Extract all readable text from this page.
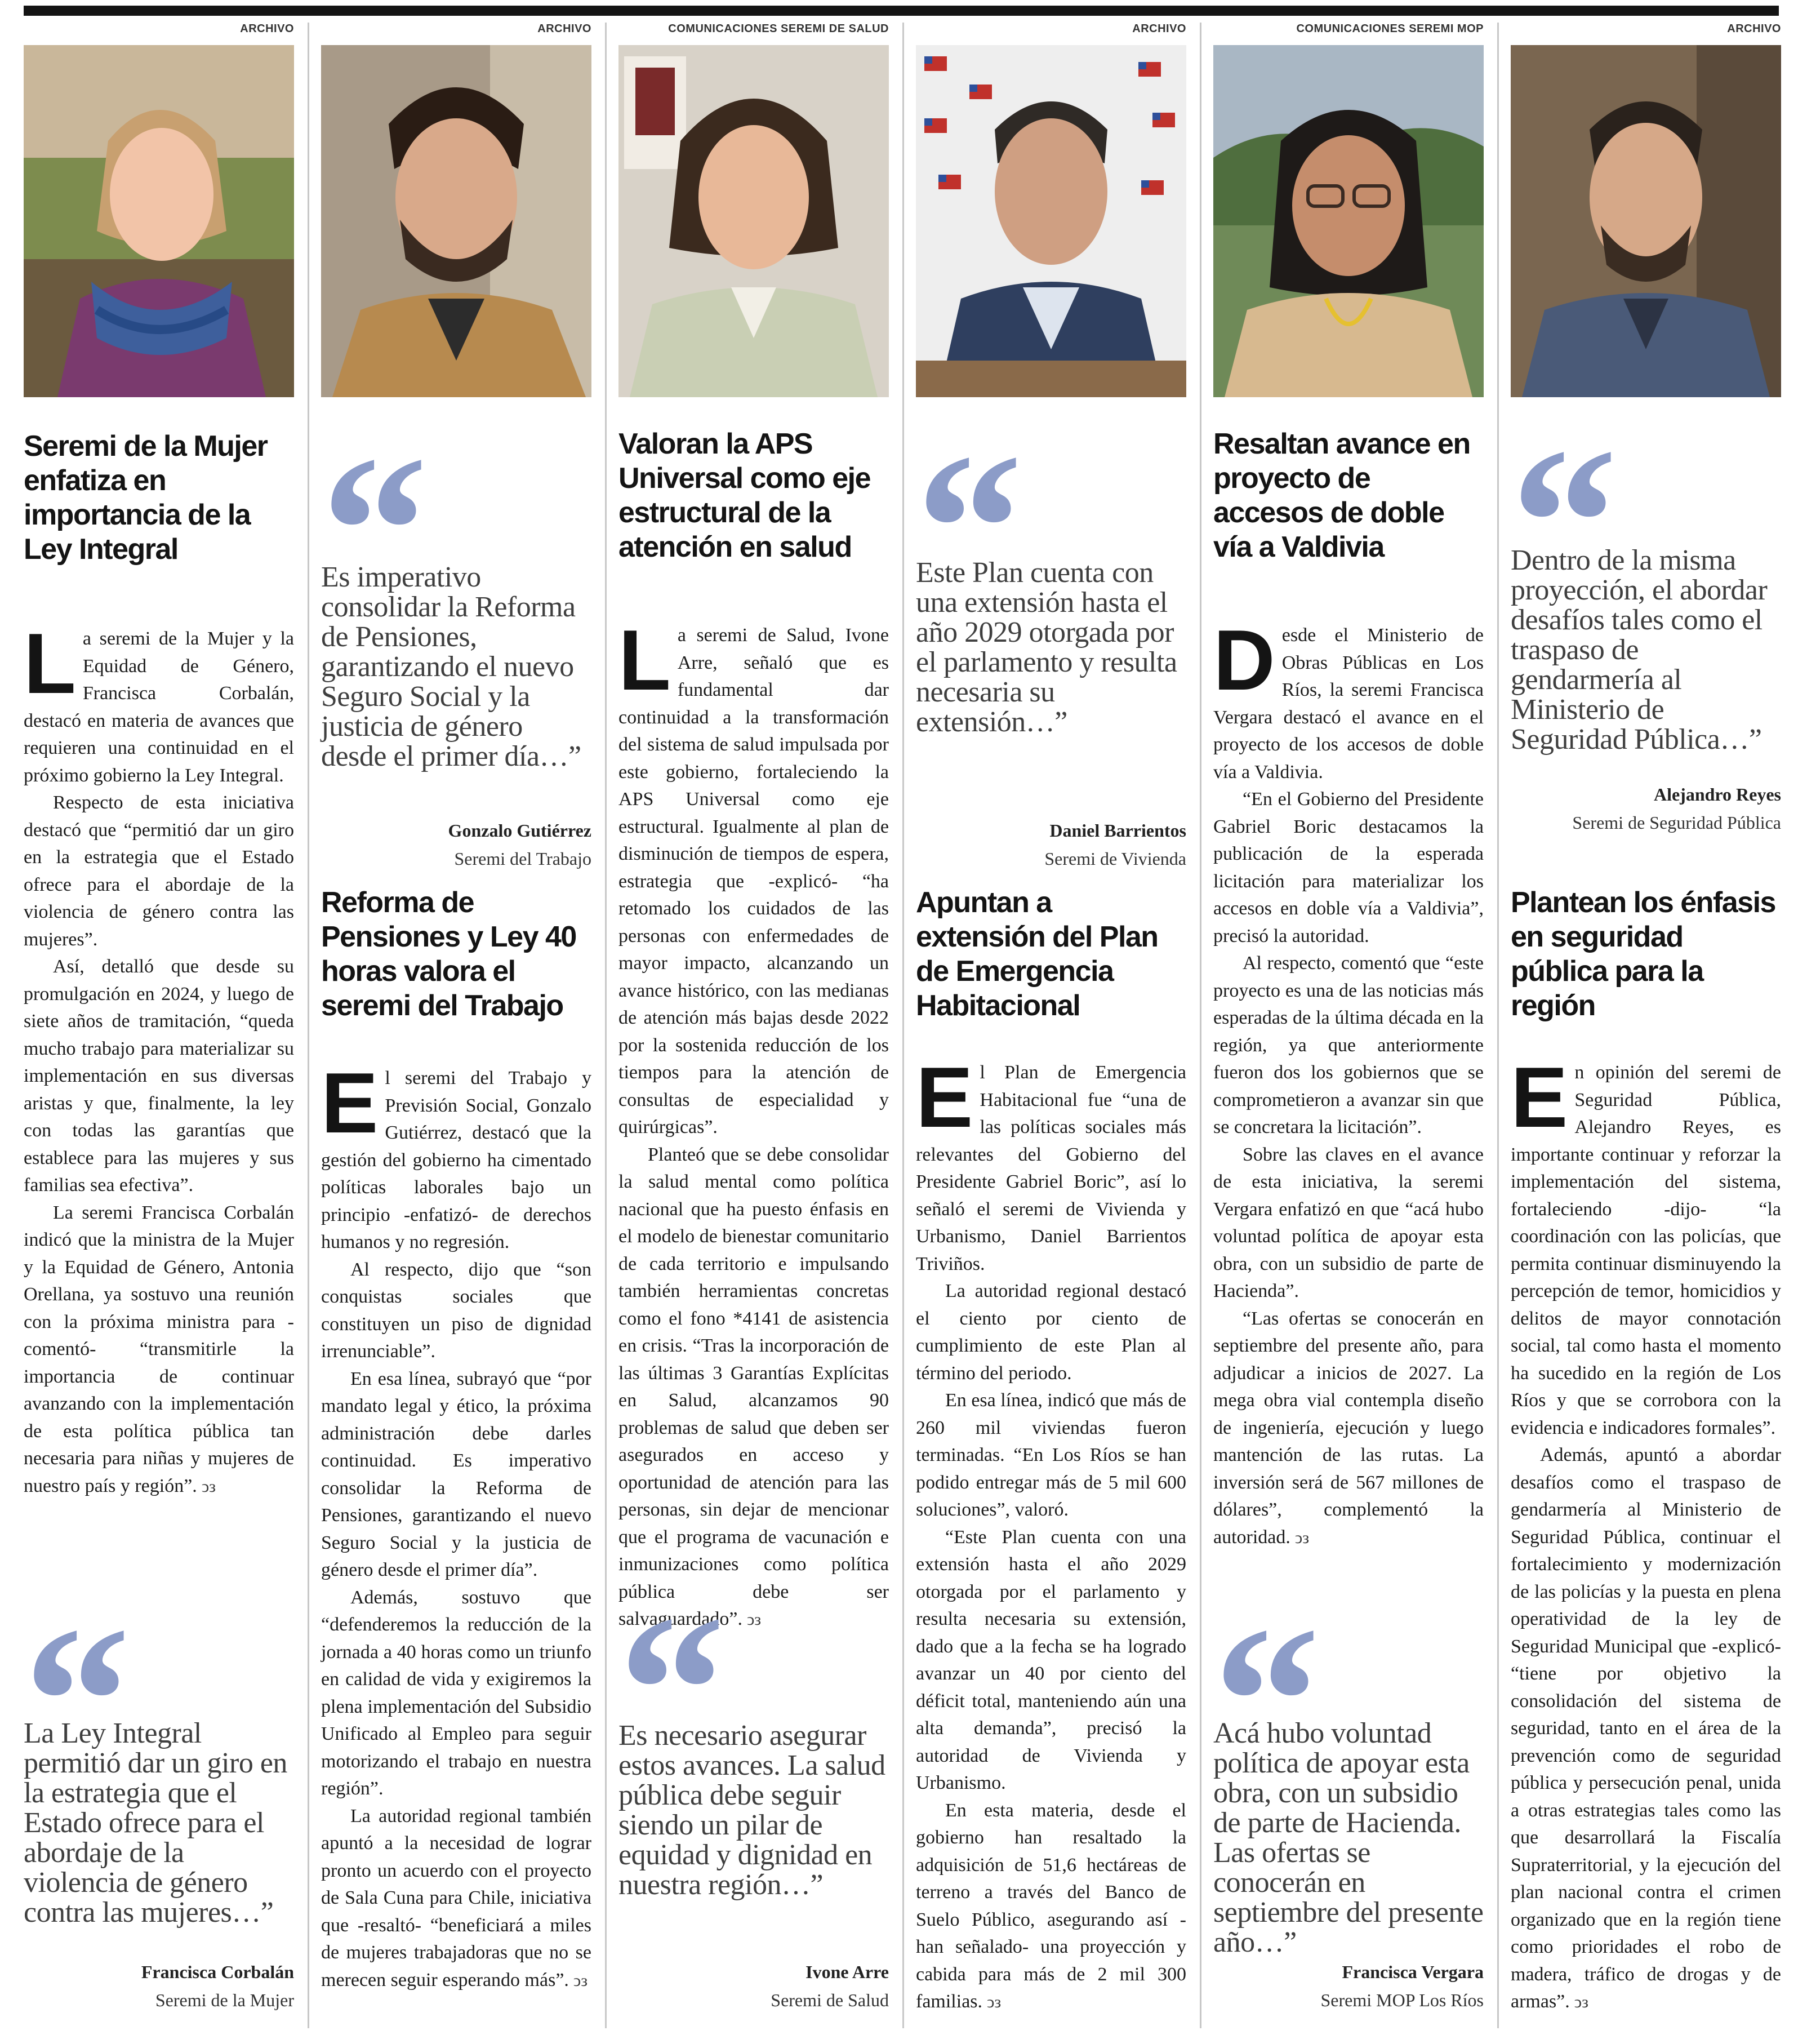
ARCHIVO
Seremi de la Mujer enfatiza en importancia de la Ley Integral

La seremi de la Mujer y la Equidad de Género, Francisca Corbalán, destacó en materia de avances que requieren una continuidad en el próximo gobierno la Ley Integral.

Respecto de esta iniciativa destacó que “permitió dar un giro en la estrategia que el Estado ofrece para el abordaje de la violencia de género contra las mujeres”.

Así, detalló que desde su promulgación en 2024, y luego de siete años de tramitación, “queda mucho trabajo para materializar su implementación en sus diversas aristas y que, finalmente, la ley con todas las garantías que establece para las mujeres y sus familias sea efectiva”.

La seremi Francisca Corbalán indicó que la ministra de la Mujer y la Equidad de Género, Antonia Orellana, ya sostuvo una reunión con la próxima ministra para -comentó- “transmitirle la importancia de continuar avanzando con la implementación de esta política pública tan necesaria para niñas y mujeres de nuestro país y región”. ↄз

La Ley Integral permitió dar un giro en la estrategia que el Estado ofrece para el abordaje de la violencia de género contra las mujeres…”
Francisca Corbalán
Seremi de la Mujer
ARCHIVO
Es imperativo consolidar la Reforma de Pensiones, garantizando el nuevo Seguro Social y la justicia de género desde el primer día…”
Gonzalo Gutiérrez
Seremi del Trabajo
Reforma de Pensiones y Ley 40 horas valora el seremi del Trabajo

El seremi del Trabajo y Previsión Social, Gonzalo Gutiérrez, destacó que la gestión del gobierno ha cimentado políticas laborales bajo un principio -enfatizó- de derechos humanos y no regresión.

Al respecto, dijo que “son conquistas sociales que constituyen un piso de dignidad irrenunciable”.

En esa línea, subrayó que “por mandato legal y ético, la próxima administración debe darles continuidad. Es imperativo consolidar la Reforma de Pensiones, garantizando el nuevo Seguro Social y la justicia de género desde el primer día”.

Además, sostuvo que “defenderemos la reducción de la jornada a 40 horas como un triunfo en calidad de vida y exigiremos la plena implementación del Subsidio Unificado al Empleo para seguir motorizando el trabajo en nuestra región”.

La autoridad regional también apuntó a la necesidad de lograr pronto un acuerdo con el proyecto de Sala Cuna para Chile, iniciativa que -resaltó- “beneficiará a miles de mujeres trabajadoras que no se merecen seguir esperando más”. ↄз

COMUNICACIONES SEREMI DE SALUD
Valoran la APS Universal como eje estructural de la atención en salud

La seremi de Salud, Ivone Arre, señaló que es fundamental dar continuidad a la transformación del sistema de salud impulsada por este gobierno, fortaleciendo la APS Universal como eje estructural. Igualmente al plan de disminución de tiempos de espera, estrategia que -explicó- “ha retomado los cuidados de las personas con enfermedades de mayor impacto, alcanzando un avance histórico, con las medianas de atención más bajas desde 2022 por la sostenida reducción de los tiempos para la atención de consultas de especialidad y quirúrgicas”.

Planteó que se debe consolidar la salud mental como política nacional que ha puesto énfasis en el modelo de bienestar comunitario de cada territorio e impulsando también herramientas concretas como el fono *4141 de asistencia en crisis. “Tras la incorporación de las últimas 3 Garantías Explícitas en Salud, alcanzamos 90 problemas de salud que deben ser asegurados en acceso y oportunidad de atención para las personas, sin dejar de mencionar que el programa de vacunación e inmunizaciones como política pública debe ser salvaguardado”. ↄз

Es necesario asegurar estos avances. La salud pública debe seguir siendo un pilar de equidad y dignidad en nuestra región…”
Ivone Arre
Seremi de Salud
ARCHIVO
Este Plan cuenta con una extensión hasta el año 2029 otorgada por el parlamento y resulta necesaria su extensión…”
Daniel Barrientos
Seremi de Vivienda
Apuntan a extensión del Plan de Emergencia Habitacional

El Plan de Emergencia Habitacional fue “una de las políticas sociales más relevantes del Gobierno del Presidente Gabriel Boric”, así lo señaló el seremi de Vivienda y Urbanismo, Daniel Barrientos Triviños.

La autoridad regional destacó el ciento por ciento de cumplimiento de este Plan al término del periodo.

En esa línea, indicó que más de 260 mil viviendas fueron terminadas. “En Los Ríos se han podido entregar más de 5 mil 600 soluciones”, valoró.

“Este Plan cuenta con una extensión hasta el año 2029 otorgada por el parlamento y resulta necesaria su extensión, dado que a la fecha se ha logrado avanzar un 40 por ciento del déficit total, manteniendo aún una alta demanda”, precisó la autoridad de Vivienda y Urbanismo.

En esta materia, desde el gobierno han resaltado la adquisición de 51,6 hectáreas de terreno a través del Banco de Suelo Público, asegurando así - han señalado- una proyección y cabida para más de 2 mil 300 familias. ↄз

COMUNICACIONES SEREMI MOP
Resaltan avance en proyecto de accesos de doble vía a Valdivia

Desde el Ministerio de Obras Públicas en Los Ríos, la seremi Francisca Vergara destacó el avance en el proyecto de los accesos de doble vía a Valdivia.

“En el Gobierno del Presidente Gabriel Boric destacamos la publicación de la esperada licitación para materializar los accesos en doble vía a Valdivia”, precisó la autoridad.

Al respecto, comentó que “este proyecto es una de las noticias más esperadas de la última década en la región, ya que anteriormente fueron dos los gobiernos que se comprometieron a avanzar sin que se concretara la licitación”.

Sobre las claves en el avance de esta iniciativa, la seremi Vergara enfatizó en que “acá hubo voluntad política de apoyar esta obra, con un subsidio de parte de Hacienda”.

“Las ofertas se conocerán en septiembre del presente año, para adjudicar a inicios de 2027. La mega obra vial contempla diseño de ingeniería, ejecución y luego mantención de las rutas. La inversión será de 567 millones de dólares”, complementó la autoridad. ↄз

Acá hubo voluntad política de apoyar esta obra, con un subsidio de parte de Hacienda. Las ofertas se conocerán en septiembre del presente año…”
Francisca Vergara
Seremi MOP Los Ríos
ARCHIVO
Dentro de la misma proyección, el abordar desafíos tales como el traspaso de gendarmería al Ministerio de Seguridad Pública…”
Alejandro Reyes
Seremi de Seguridad Pública
Plantean los énfasis en seguridad pública para la región

En opinión del seremi de Seguridad Pública, Alejandro Reyes, es importante continuar y reforzar la implementación del sistema, fortaleciendo -dijo- “la coordinación con las policías, que permita continuar disminuyendo la percepción de temor, homicidios y delitos de mayor connotación social, tal como hasta el momento ha sucedido en la región de Los Ríos y que se corrobora con la evidencia e indicadores formales”.

Además, apuntó a abordar desafíos como el traspaso de gendarmería al Ministerio de Seguridad Pública, continuar el fortalecimiento y modernización de las policías y la puesta en plena operatividad de la ley de Seguridad Municipal que -explicó- “tiene por objetivo la consolidación del sistema de seguridad, tanto en el área de la prevención como de seguridad pública y persecución penal, unida a otras estrategias tales como las que desarrollará la Fiscalía Supraterritorial, y la ejecución del plan nacional contra el crimen organizado que en la región tiene como prioridades el robo de madera, tráfico de drogas y de armas”. ↄз
